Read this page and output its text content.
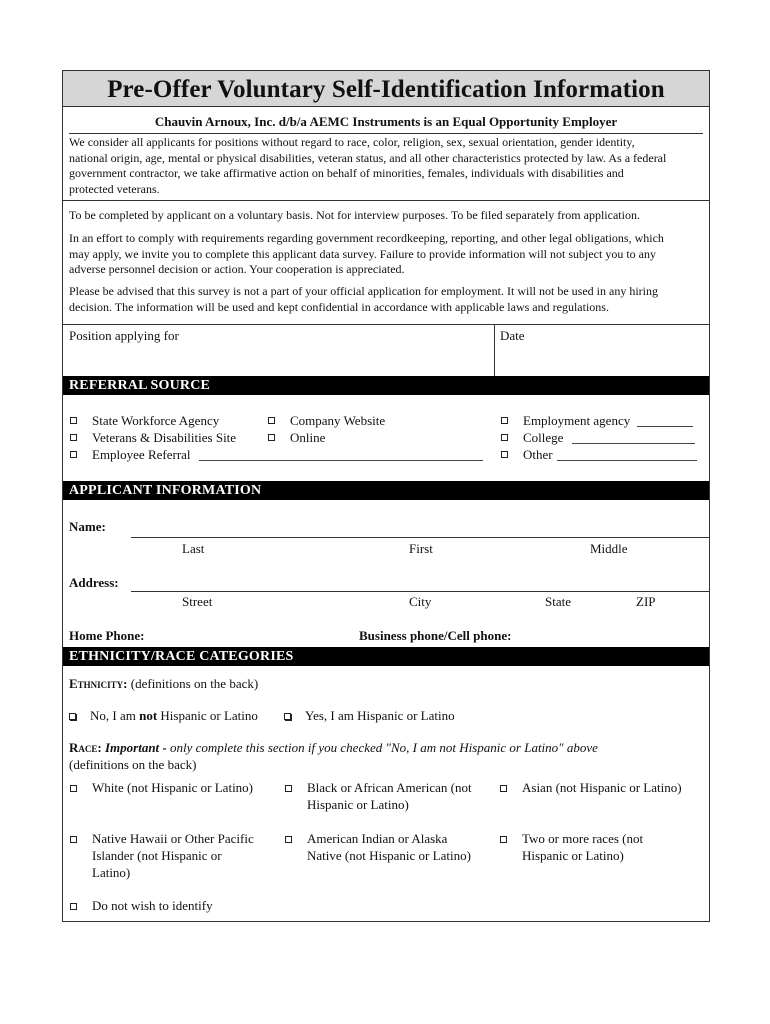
Pre-Offer Voluntary Self-Identification Information
Chauvin Arnoux, Inc. d/b/a AEMC Instruments is an Equal Opportunity Employer
We consider all applicants for positions without regard to race, color, religion, sex, sexual orientation, gender identity,
national origin, age, mental or physical disabilities, veteran status, and all other characteristics protected by law. As a federal
government contractor, we take affirmative action on behalf of minorities, females, individuals with disabilities and
protected veterans.
To be completed by applicant on a voluntary basis. Not for interview purposes. To be filed separately from application.
In an effort to comply with requirements regarding government recordkeeping, reporting, and other legal obligations, which
may apply, we invite you to complete this applicant data survey. Failure to provide information will not subject you to any
adverse personnel decision or action. Your cooperation is appreciated.
Please be advised that this survey is not a part of your official application for employment. It will not be used in any hiring
decision. The information will be used and kept confidential in accordance with applicable laws and regulations.
Position applying for	Date
REFERRAL SOURCE
State Workforce Agency
Veterans & Disabilities Site
Employee Referral
Company Website
Online
Employment agency
College
Other
APPLICANT INFORMATION
Name:
Last	First	Middle
Address:
Street	City	State	ZIP
Home Phone:	Business phone/Cell phone:
ETHNICITY/RACE CATEGORIES
Ethnicity: (definitions on the back)
No, I am not Hispanic or Latino	Yes, I am Hispanic or Latino
Race: Important - only complete this section if you checked "No, I am not Hispanic or Latino" above
(definitions on the back)
White (not Hispanic or Latino)	Black or African American (not
Hispanic or Latino)
Asian (not Hispanic or Latino)
Native Hawaii or Other Pacific
Islander (not Hispanic or
Latino)
American Indian or Alaska
Native (not Hispanic or Latino)
Two or more races (not
Hispanic or Latino)
Do not wish to identify
